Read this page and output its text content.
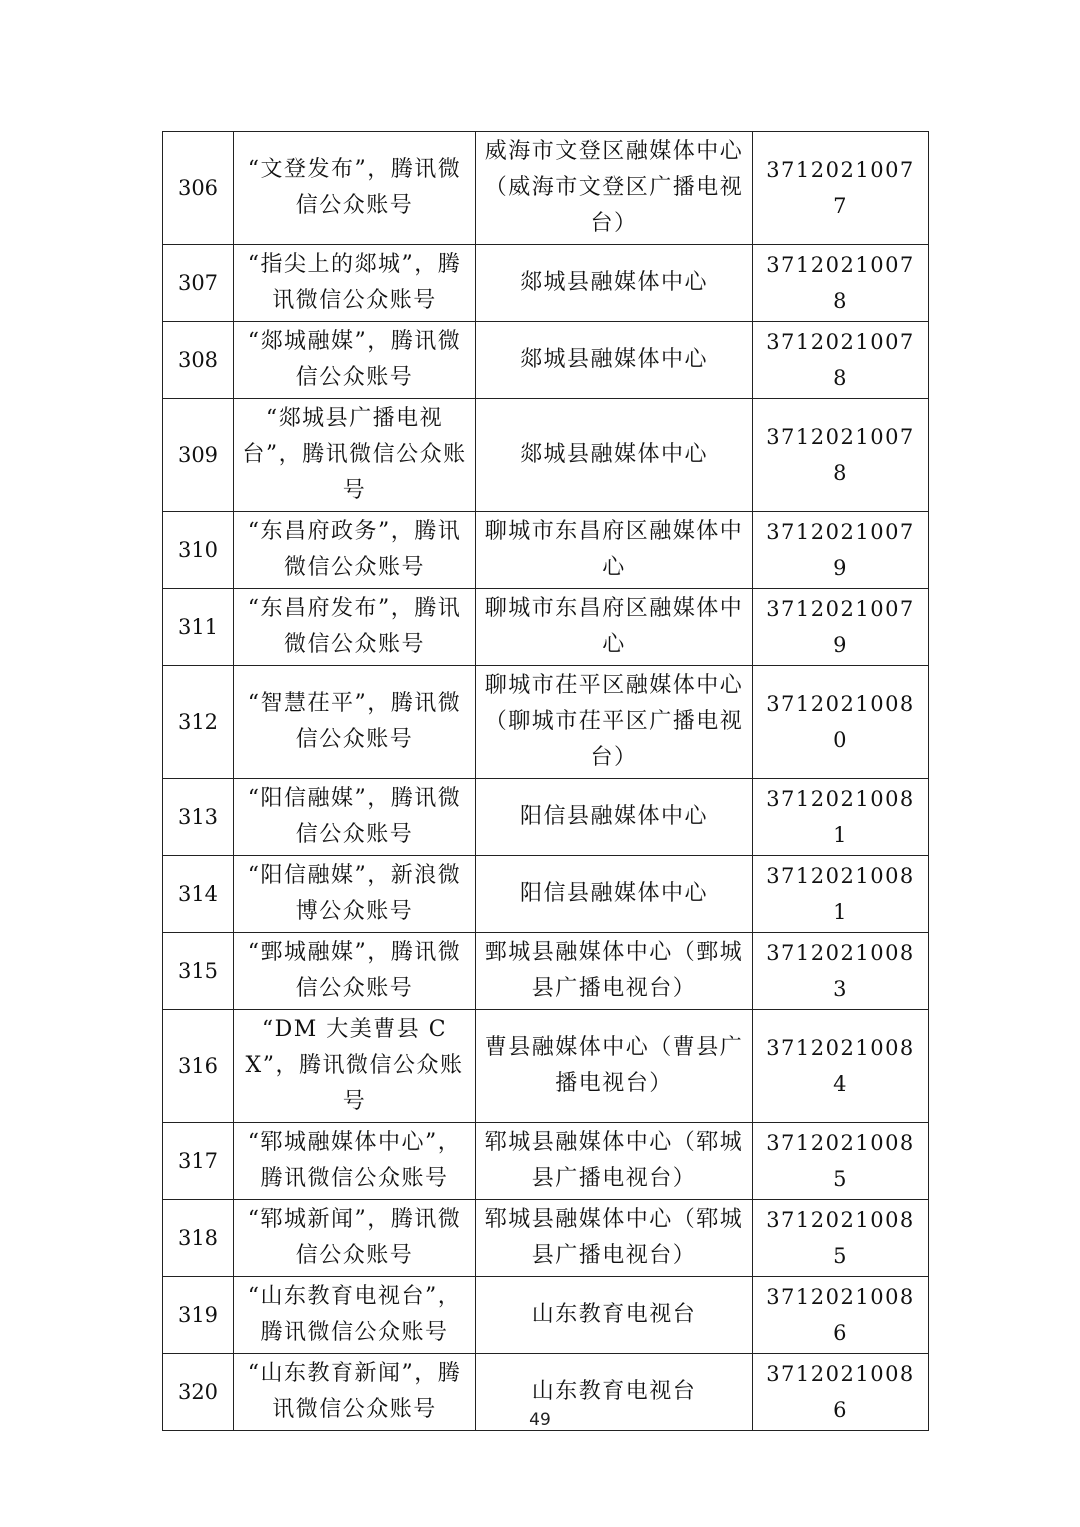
306	“文登发布”，腾讯微信公众账号	威海市文登区融媒体中心（威海市文登区广播电视台）	37120210077
307	“指尖上的郯城”，腾讯微信公众账号	郯城县融媒体中心	37120210078
308	“郯城融媒”，腾讯微信公众账号	郯城县融媒体中心	37120210078
309	“郯城县广播电视台”，腾讯微信公众账号	郯城县融媒体中心	37120210078
310	“东昌府政务”，腾讯微信公众账号	聊城市东昌府区融媒体中心	37120210079
311	“东昌府发布”，腾讯微信公众账号	聊城市东昌府区融媒体中心	37120210079
312	“智慧茌平”，腾讯微信公众账号	聊城市茌平区融媒体中心（聊城市茌平区广播电视台）	37120210080
313	“阳信融媒”，腾讯微信公众账号	阳信县融媒体中心	37120210081
314	“阳信融媒”，新浪微博公众账号	阳信县融媒体中心	37120210081
315	“鄄城融媒”，腾讯微信公众账号	鄄城县融媒体中心（鄄城县广播电视台）	37120210083
316	“DM 大美曹县 CX”，腾讯微信公众账号	曹县融媒体中心（曹县广播电视台）	37120210084
317	“郓城融媒体中心”，腾讯微信公众账号	郓城县融媒体中心（郓城县广播电视台）	37120210085
318	“郓城新闻”，腾讯微信公众账号	郓城县融媒体中心（郓城县广播电视台）	37120210085
319	“山东教育电视台”，腾讯微信公众账号	山东教育电视台	37120210086
320	“山东教育新闻”，腾讯微信公众账号	山东教育电视台	37120210086
49
